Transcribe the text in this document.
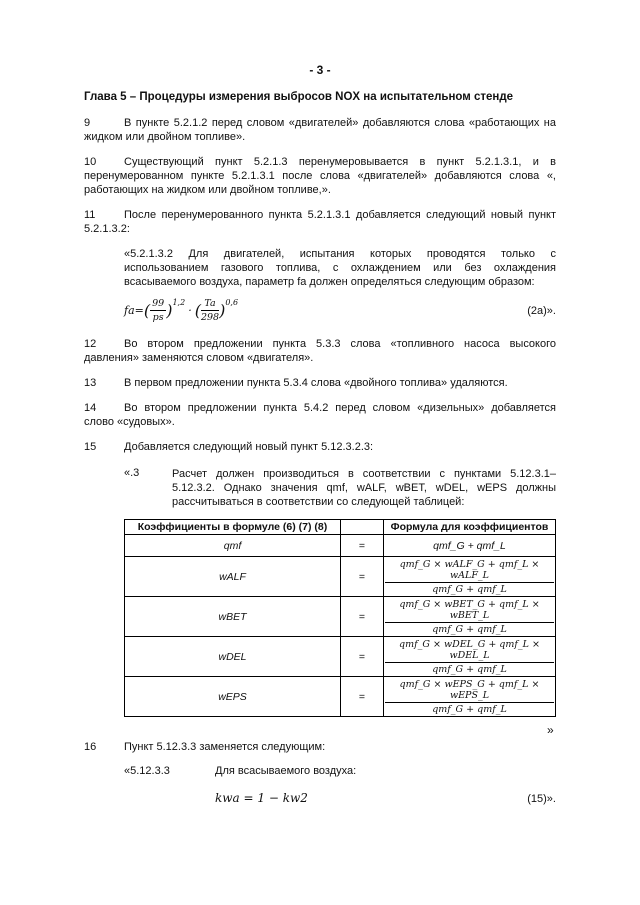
- 3 -
Глава 5 – Процедуры измерения выбросов NOX на испытательном стенде
9	В пункте 5.2.1.2 перед словом «двигателей» добавляются слова «работающих на жидком или двойном топливе».
10	Существующий пункт 5.2.1.3 перенумеровывается в пункт 5.2.1.3.1, и в перенумерованном пункте 5.2.1.3.1 после слова «двигателей» добавляются слова «, работающих на жидком или двойном топливе,».
11	После перенумерованного пункта 5.2.1.3.1 добавляется следующий новый пункт 5.2.1.3.2:
«5.2.1.3.2 Для двигателей, испытания которых проводятся только с использованием газового топлива, с охлаждением или без охлаждения всасываемого воздуха, параметр fa должен определяться следующим образом:
fa= ( $\frac{99}{ps} )^{1,2}$
· ( $\frac{Ta}{298} )^{0,6}$
(2a)».
12	Во втором предложении пункта 5.3.3 слова «топливного насоса высокого давления» заменяются словом «двигателя».
13	В первом предложении пункта 5.3.4 слова «двойного топлива» удаляются.
14	Во втором предложении пункта 5.4.2 перед словом «дизельных» добавляется слово «судовых».
15	Добавляется следующий новый пункт 5.12.3.2.3:
«.3	Расчет должен производиться в соответствии с пунктами 5.12.3.1–5.12.3.2. Однако значения qmf, wALF, wBET, wDEL, wEPS должны рассчитываться в соответствии со следующей таблицей:
Коэффициенты в формуле (6) (7) (8)		Формула для коэффициентов
qmf	=	qmf_G + qmf_L
wALF	=	$\frac{\text{qmf\_G × wALF\_G + qmf\_L × wALF\_L}}{\text{qmf\_G + qmf\_L}}$

wBET	=	$\frac{\text{qmf\_G × wBET\_G + qmf\_L × wBET\_L}}{\text{qmf\_G + qmf\_L}}$

wDEL	=	$\frac{\text{qmf\_G × wDEL\_G + qmf\_L × wDEL\_L}}{\text{qmf\_G + qmf\_L}}$

wEPS	=	$\frac{\text{qmf\_G × wEPS\_G + qmf\_L × wEPS\_L}}{\text{qmf\_G + qmf\_L}}$
»
16	Пункт 5.12.3.3 заменяется следующим:
«5.12.3.3	Для всасываемого воздуха:
kwa = 1 − kw2	(15)».
